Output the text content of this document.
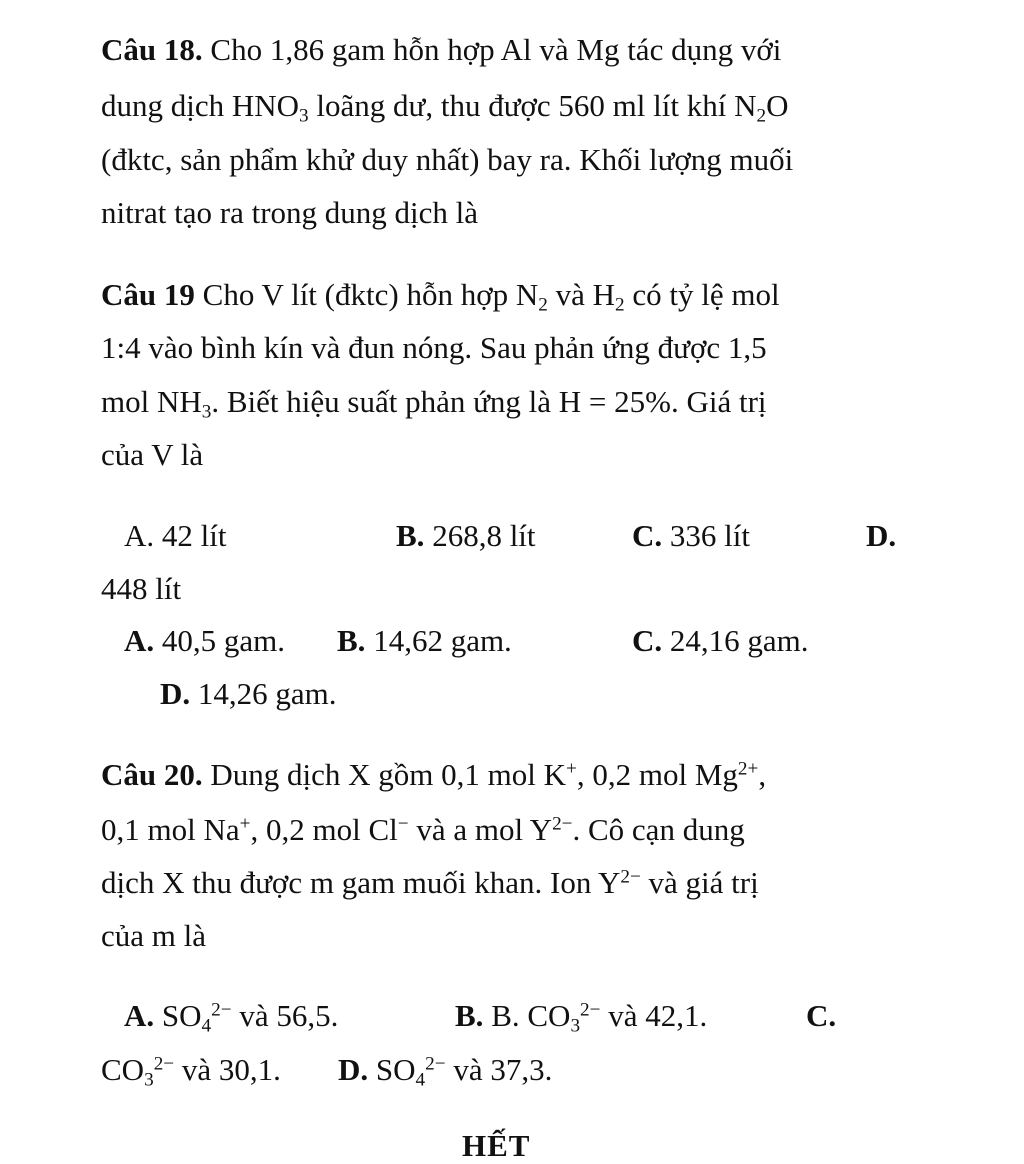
Câu 18. Cho 1,86 gam hỗn hợp Al và Mg tác dụng với
dung dịch $HNO_3$ loãng dư, thu được 560 ml lít khí $N_2O$
(đktc, sản phẩm khử duy nhất) bay ra. Khối lượng muối
nitrat tạo ra trong dung dịch là
Câu 19 Cho V lít (đktc) hỗn hợp $N_2$ và $H_2$ có tỷ lệ mol
1:4 vào bình kín và đun nóng. Sau phản ứng được 1,5
mol $NH_3$. Biết hiệu suất phản ứng là H = 25%. Giá trị
của V là
A. 42 lít	B. 268,8 lít	C. 336 lít	D.
448 lít
A. 40,5 gam. B. 14,62 gam.	C. 24,16 gam.
D. 14,26 gam.
Câu 20. Dung dịch X gồm 0,1 mol K+, 0,2 mol $Mg^{2+}$,
0,1 mol Na+, 0,2 mol Cl− và a mol $Y^{2-}$. Cô cạn dung
dịch X thu được m gam muối khan. Ion $Y^{2-}$ và giá trị
của m là
A. $SO_4^{2-}$ và 56,5.	B. B. $CO_3^{2-}$ và 42,1.	C.
$CO_3^{2-}$ và 30,1. D. $SO_4^{2-}$ và 37,3.
HẾT
